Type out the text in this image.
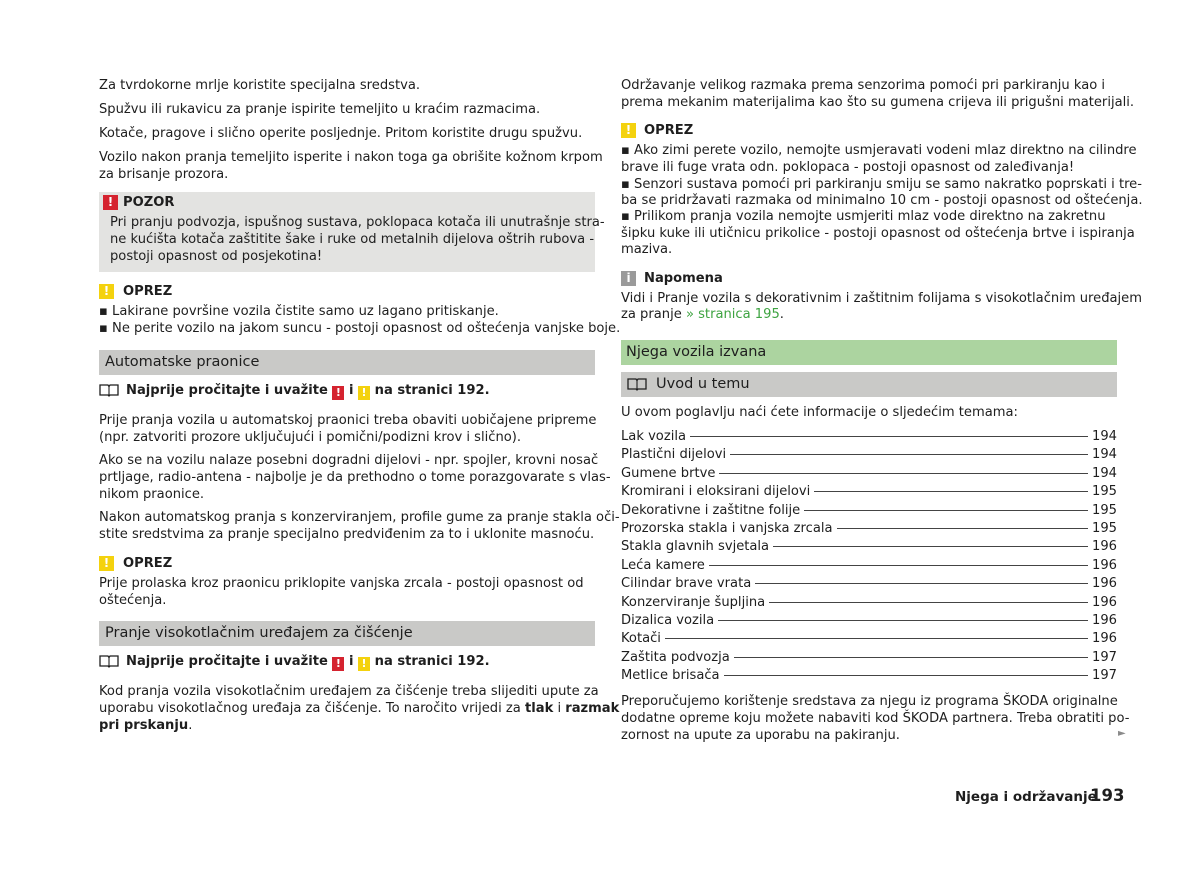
Za tvrdokorne mrlje koristite specijalna sredstva.

Spužvu ili rukavicu za pranje ispirite temeljito u kraćim razmacima.

Kotače, pragove i slično operite posljednje. Pritom koristite drugu spužvu.

Vozilo nakon pranja temeljito isperite i nakon toga ga obrišite kožnom krpom

za brisanje prozora.

! POZOR

Pri pranju podvozja, ispušnog sustava, poklopaca kotača ili unutrašnje stra-

ne kućišta kotača zaštitite šake i ruke od metalnih dijelova oštrih rubova -

postoji opasnost od posjekotina!

!	OPREZ

▪ Lakirane površine vozila čistite samo uz lagano pritiskanje.

▪ Ne perite vozilo na jakom suncu - postoji opasnost od oštećenja vanjske boje.

Automatske praonice
Najprije pročitajte i uvažite ! i ! na stranici 192.

Prije pranja vozila u automatskoj praonici treba obaviti uobičajene pripreme

(npr. zatvoriti prozore uključujući i pomični/podizni krov i slično).

Ako se na vozilu nalaze posebni dogradni dijelovi - npr. spojler, krovni nosač

prtljage, radio-antena - najbolje je da prethodno o tome porazgovarate s vlas-

nikom praonice.

Nakon automatskog pranja s konzerviranjem, profile gume za pranje stakla oči-

stite sredstvima za pranje specijalno predviđenim za to i uklonite masnoću.

!	OPREZ

Prije prolaska kroz praonicu priklopite vanjska zrcala - postoji opasnost od

oštećenja.

Pranje visokotlačnim uređajem za čišćenje
Najprije pročitajte i uvažite ! i ! na stranici 192.

Kod pranja vozila visokotlačnim uređajem za čišćenje treba slijediti upute za

uporabu visokotlačnog uređaja za čišćenje. To naročito vrijedi za tlak i razmak

pri prskanju.

Održavanje velikog razmaka prema senzorima pomoći pri parkiranju kao i

prema mekanim materijalima kao što su gumena crijeva ili prigušni materijali.

! OPREZ

▪ Ako zimi perete vozilo, nemojte usmjeravati vodeni mlaz direktno na cilindre

brave ili fuge vrata odn. poklopaca - postoji opasnost od zaleđivanja!

▪ Senzori sustava pomoći pri parkiranju smiju se samo nakratko poprskati i tre-

ba se pridržavati razmaka od minimalno 10 cm - postoji opasnost od oštećenja.

▪ Prilikom pranja vozila nemojte usmjeriti mlaz vode direktno na zakretnu

šipku kuke ili utičnicu prikolice - postoji opasnost od oštećenja brtve i ispiranja

maziva.

i	Napomena

Vidi i Pranje vozila s dekorativnim i zaštitnim folijama s visokotlačnim uređajem

za pranje » stranica 195.

Njega vozila izvana
Uvod u temu

U ovom poglavlju naći ćete informacije o sljedećim temama:

Lak vozila	194
Plastični dijelovi	194
Gumene brtve	194
Kromirani i eloksirani dijelovi	195
Dekorativne i zaštitne folije	195
Prozorska stakla i vanjska zrcala	195
Stakla glavnih svjetala	196
Leća kamere	196
Cilindar brave vrata	196
Konzerviranje šupljina	196
Dizalica vozila	196
Kotači	196
Zaštita podvozja	197
Metlice brisača	197

Preporučujemo korištenje sredstava za njegu iz programa ŠKODA originalne

dodatne opreme koju možete nabaviti kod ŠKODA partnera. Treba obratiti po-

zornost na upute za uporabu na pakiranju.	►
Njega i održavanje
193
